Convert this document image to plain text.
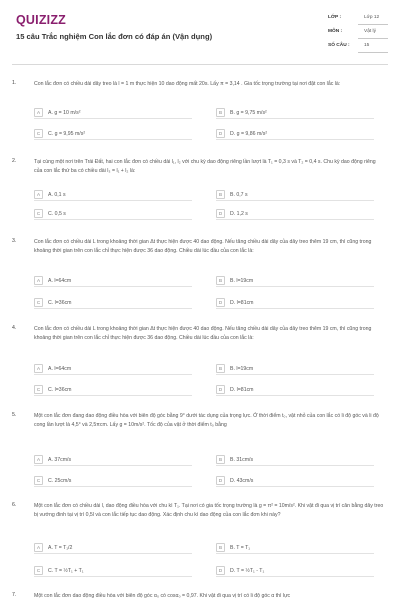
QUIZIZZ
15 câu Trắc nghiệm Con lắc đơn có đáp án (Vận dụng)
LỚP :	Lớp 12
MÔN :	Vật lý
SỐ CÂU :	15
1.	Con lắc đơn có chiều dài dây treo là l = 1 m thực hiện 10 dao động mất 20s. Lấy π = 3,14 . Gia tốc trọng trường tại nơi đặt con lắc là:
A	A. g = 10 m/s²	B	B. g = 9,75 m/s²
C	C. g = 9,95 m/s²	D	D. g = 9,86 m/s²
2.	Tại cùng một nơi trên Trái Đất, hai con lắc đơn có chiều dài l₁, l₂ với chu kỳ dao động riêng lần lượt là T₁ = 0,3 s và T₂ = 0,4 s. Chu kỳ dao động riêng của con lắc thứ ba có chiều dài l₃ = l₁ + l₂ là:
A	A. 0,1 s	B	B. 0,7 s
C	C. 0,5 s	D	D. 1,2 s
3.	Con lắc đơn có chiều dài L trong khoảng thời gian Δt thực hiện được 40 dao động. Nếu tăng chiều dài dây của dây treo thêm 19 cm, thì cũng trong khoảng thời gian trên con lắc chỉ thực hiện được 36 dao động. Chiều dài lúc đầu của con lắc là:
A	A. l=64cm	B	B. l=19cm
C	C. l=36cm	D	D. l=81cm
4.	Con lắc đơn có chiều dài L trong khoảng thời gian Δt thực hiện được 40 dao động. Nếu tăng chiều dài dây của dây treo thêm 19 cm, thì cũng trong khoảng thời gian trên con lắc chỉ thực hiện được 36 dao động. Chiều dài lúc đầu của con lắc là:
A	A. l=64cm	B	B. l=19cm
C	C. l=36cm	D	D. l=81cm
5.	Một con lắc đơn đang dao động điều hòa với biên độ góc bằng 9° dưới tác dụng của trọng lực. Ở thời điểm t₀, vật nhỏ của con lắc có li độ góc và li độ cong lần lượt là 4,5° và 2,5πcm. Lấy g = 10m/s². Tốc độ của vật ở thời điểm t₀ bằng
A	A. 37cm/s	B	B. 31cm/s
C	C. 25cm/s	D	D. 43cm/s
6.	Một con lắc đơn có chiều dài l, dao động điều hòa với chu kì T₁. Tại nơi có gia tốc trọng trường là g = π² = 10m/s². Khi vật đi qua vị trí cân bằng dây treo bị vướng đinh tại vị trí 0,5l và con lắc tiếp tục dao động. Xác định chu kì dao động của con lắc đơn khi này?
A	A. T = T₁/2	B	B. T = T₁
C	C. T = ½T₁ + T₁	D	D. T = ½T₁ - T₁
7.	Một con lắc đơn dao động điều hòa với biên độ góc α₀ có cosα₀ = 0,97. Khi vật đi qua vị trí có li độ góc α thì lực
